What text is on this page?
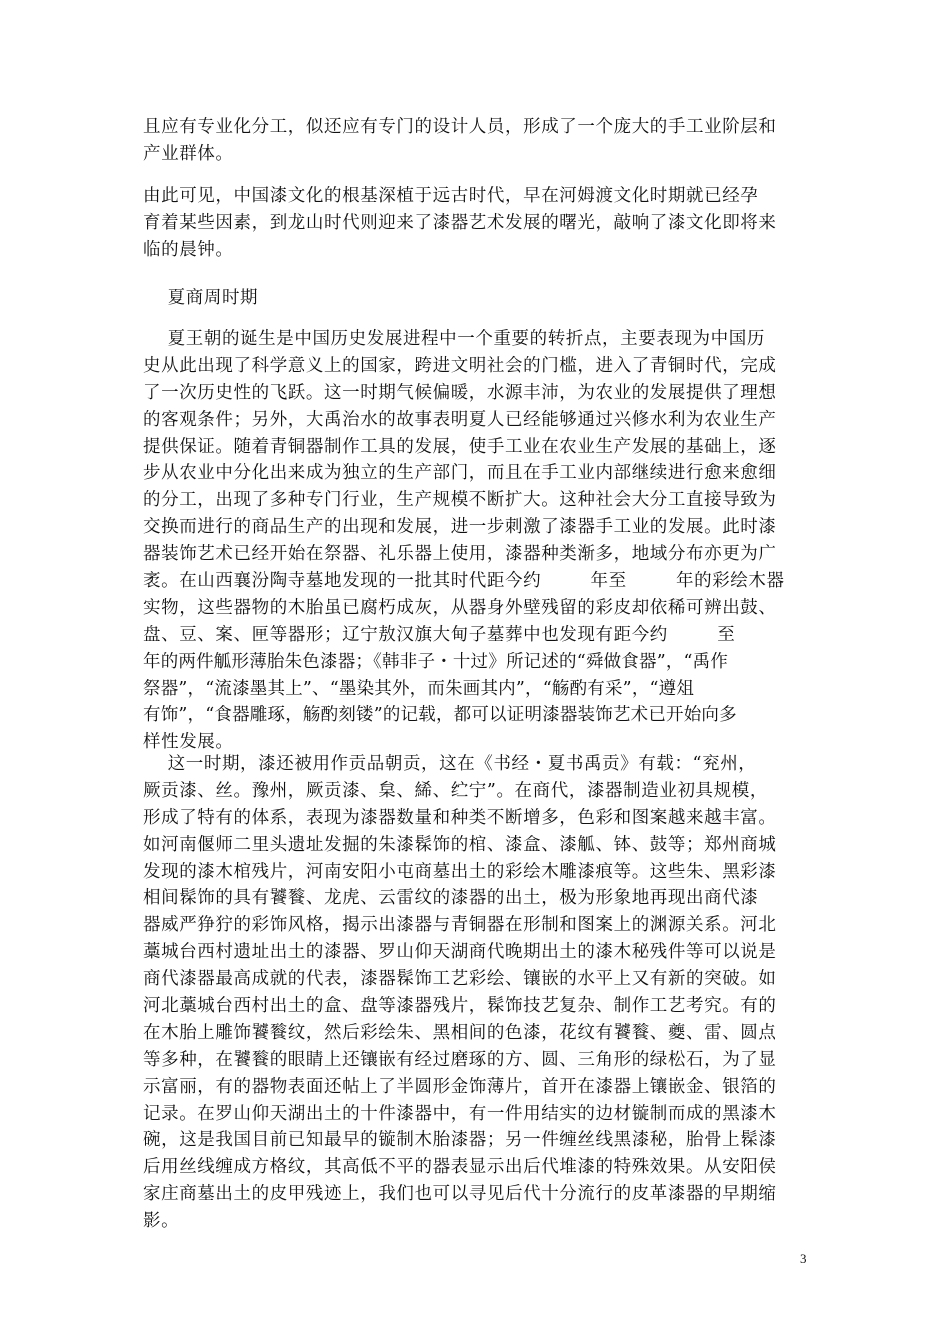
且应有专业化分工，似还应有专门的设计人员，形成了一个庞大的手工业阶层和
产业群体。
由此可见，中国漆文化的根基深植于远古时代，早在河姆渡文化时期就已经孕
育着某些因素，到龙山时代则迎来了漆器艺术发展的曙光，敲响了漆文化即将来
临的晨钟。
夏商周时期
夏王朝的诞生是中国历史发展进程中一个重要的转折点，主要表现为中国历
史从此出现了科学意义上的国家，跨进文明社会的门槛，进入了青铜时代，完成
了一次历史性的飞跃。这一时期气候偏暖，水源丰沛，为农业的发展提供了理想
的客观条件；另外，大禹治水的故事表明夏人已经能够通过兴修水利为农业生产
提供保证。随着青铜器制作工具的发展，使手工业在农业生产发展的基础上，逐
步从农业中分化出来成为独立的生产部门，而且在手工业内部继续进行愈来愈细
的分工，出现了多种专门行业，生产规模不断扩大。这种社会大分工直接导致为
交换而进行的商品生产的出现和发展，进一步刺激了漆器手工业的发展。此时漆
器装饰艺术已经开始在祭器、礼乐器上使用，漆器种类渐多，地域分布亦更为广
袤。在山西襄汾陶寺墓地发现的一批其时代距今约        年至        年的彩绘木器
实物，这些器物的木胎虽已腐朽成灰，从器身外壁残留的彩皮却依稀可辨出鼓、
盘、豆、案、匣等器形；辽宁敖汉旗大甸子墓葬中也发现有距今约        至
年的两件觚形薄胎朱色漆器；《韩非子・十过》所记述的“舜做食器”，“禹作
祭器”，“流漆墨其上”、“墨染其外，而朱画其内”，“觞酌有采”，“遵俎
有饰”，“食器雕琢，觞酌刻镂”的记载，都可以证明漆器装饰艺术已开始向多
样性发展。
这一时期，漆还被用作贡品朝贡，这在《书经・夏书禹贡》有载：“兖州，
厥贡漆、丝。豫州，厥贡漆、枲、絺、纻宁”。在商代，漆器制造业初具规模，
形成了特有的体系，表现为漆器数量和种类不断增多，色彩和图案越来越丰富。
如河南偃师二里头遗址发掘的朱漆髹饰的棺、漆盒、漆觚、钵、鼓等；郑州商城
发现的漆木棺残片，河南安阳小屯商墓出土的彩绘木雕漆痕等。这些朱、黑彩漆
相间髹饰的具有饕餮、龙虎、云雷纹的漆器的出土，极为形象地再现出商代漆
器威严狰狞的彩饰风格，揭示出漆器与青铜器在形制和图案上的渊源关系。河北
藁城台西村遗址出土的漆器、罗山仰天湖商代晚期出土的漆木秘残件等可以说是
商代漆器最高成就的代表，漆器髹饰工艺彩绘、镶嵌的水平上又有新的突破。如
河北藁城台西村出土的盒、盘等漆器残片，髹饰技艺复杂、制作工艺考究。有的
在木胎上雕饰饕餮纹，然后彩绘朱、黑相间的色漆，花纹有饕餮、夔、雷、圆点
等多种，在饕餮的眼睛上还镶嵌有经过磨琢的方、圆、三角形的绿松石，为了显
示富丽，有的器物表面还帖上了半圆形金饰薄片，首开在漆器上镶嵌金、银箔的
记录。在罗山仰天湖出土的十件漆器中，有一件用结实的边材镟制而成的黑漆木
碗，这是我国目前已知最早的镟制木胎漆器；另一件缠丝线黑漆秘，胎骨上髹漆
后用丝线缠成方格纹，其高低不平的器表显示出后代堆漆的特殊效果。从安阳侯
家庄商墓出土的皮甲残迹上，我们也可以寻见后代十分流行的皮革漆器的早期缩
影。
3
